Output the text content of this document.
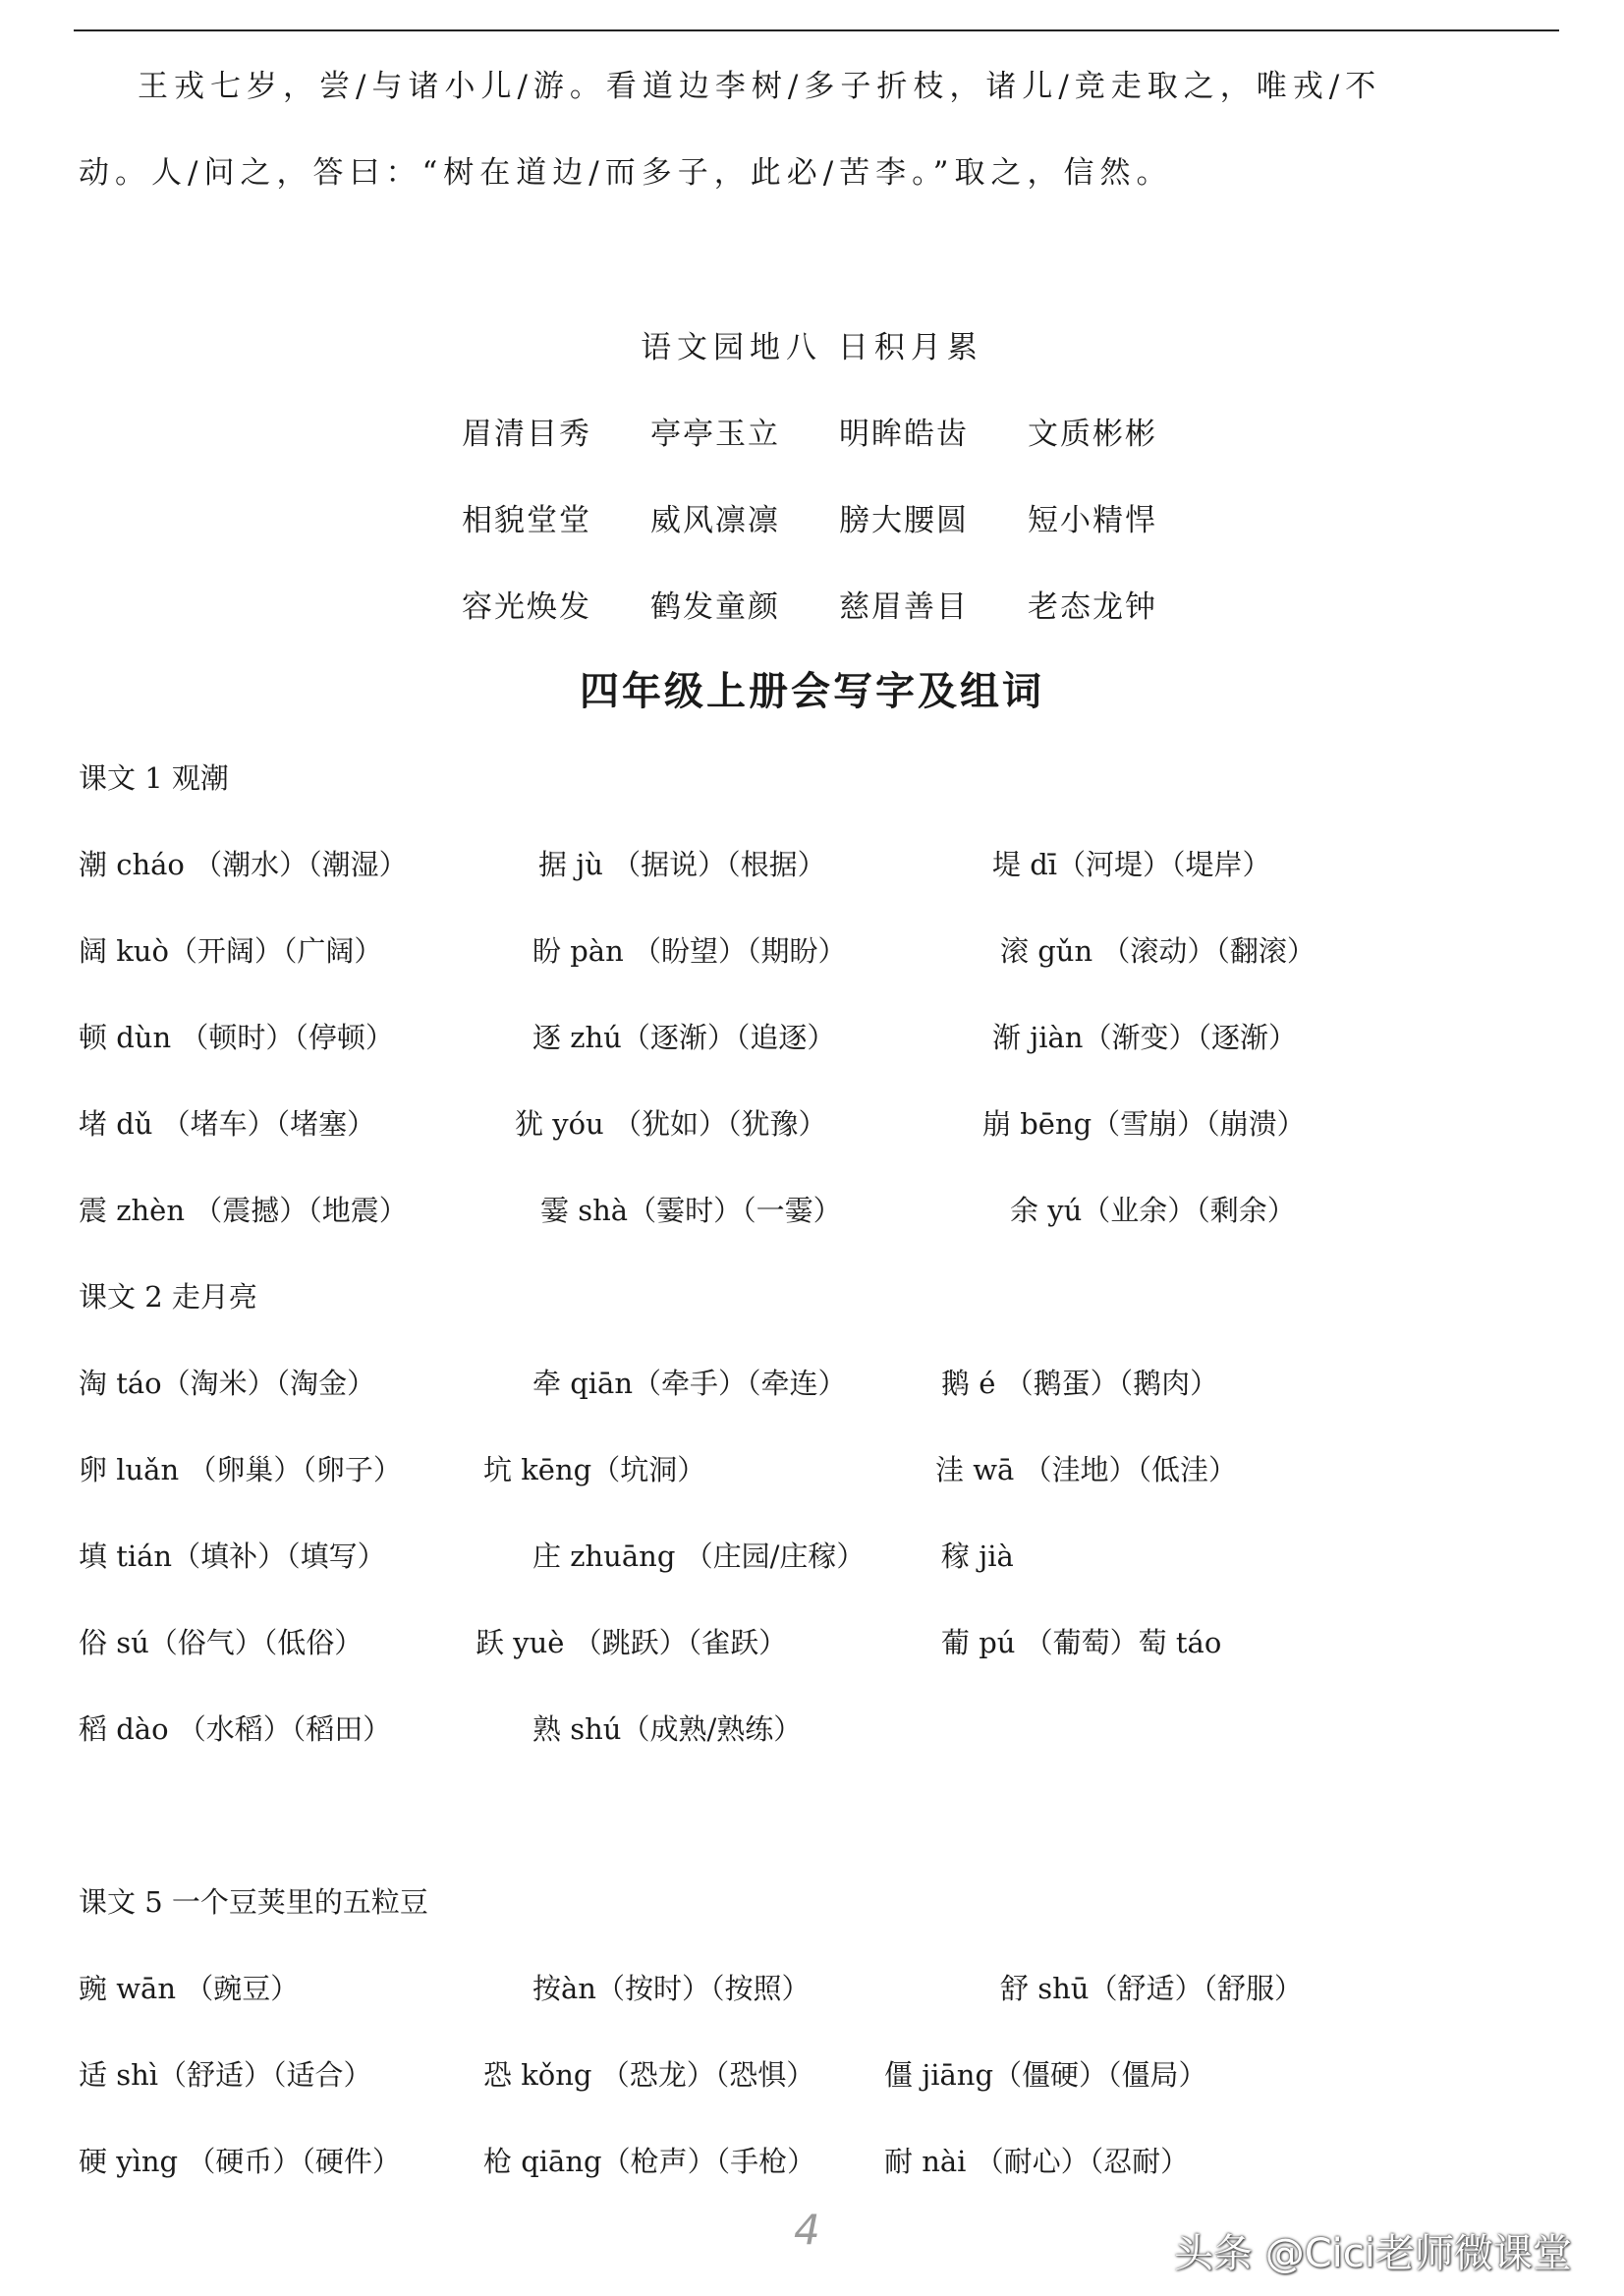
王戎七岁，尝/与诸小儿/游。看道边李树/多子折枝，诸儿/竞走取之，唯戎/不
动。人/问之，答曰：“树在道边/而多子，此必/苦李。”取之，信然。
语文园地八 日积月累
眉清目秀 亭亭玉立 明眸皓齿 文质彬彬
相貌堂堂 威风凛凛 膀大腰圆 短小精悍
容光焕发 鹤发童颜 慈眉善目 老态龙钟
四年级上册会写字及组词
课文 1 观潮
潮 cháo （潮水）（潮湿）	据 jù （据说）（根据）	堤 dī（河堤）（堤岸）
阔 kuò（开阔）（广阔）	盼 pàn （盼望）（期盼）	滚 gǔn （滚动）（翻滚）
顿 dùn （顿时）（停顿）	逐 zhú（逐渐）（追逐）	渐 jiàn（渐变）（逐渐）
堵 dǔ （堵车）（堵塞）	犹 yóu （犹如）（犹豫）	崩 bēng（雪崩）（崩溃）
震 zhèn （震撼）（地震）	霎 shà（霎时）（一霎）	余 yú（业余）（剩余）
课文 2 走月亮
淘 táo（淘米）（淘金）	牵 qiān（牵手）（牵连）	鹅 é （鹅蛋）（鹅肉）
卵 luǎn （卵巢）（卵子）	坑 kēng（坑洞）	洼 wā （洼地）（低洼）
填 tián（填补）（填写）	庄 zhuāng （庄园/庄稼）	稼 jià
俗 sú（俗气）（低俗）	跃 yuè （跳跃）（雀跃）	葡 pú （葡萄）萄 táo
稻 dào （水稻）（稻田）	熟 shú（成熟/熟练）
课文 5 一个豆荚里的五粒豆
豌 wān （豌豆）	按àn（按时）（按照）	舒 shū（舒适）（舒服）
适 shì（舒适）（适合）	恐 kǒng （恐龙）（恐惧） 僵 jiāng（僵硬）（僵局）
硬 yìng （硬币）（硬件）	枪 qiāng（枪声）（手枪） 耐 nài （耐心）（忍耐）
4	头条 @Cici老师微课堂
